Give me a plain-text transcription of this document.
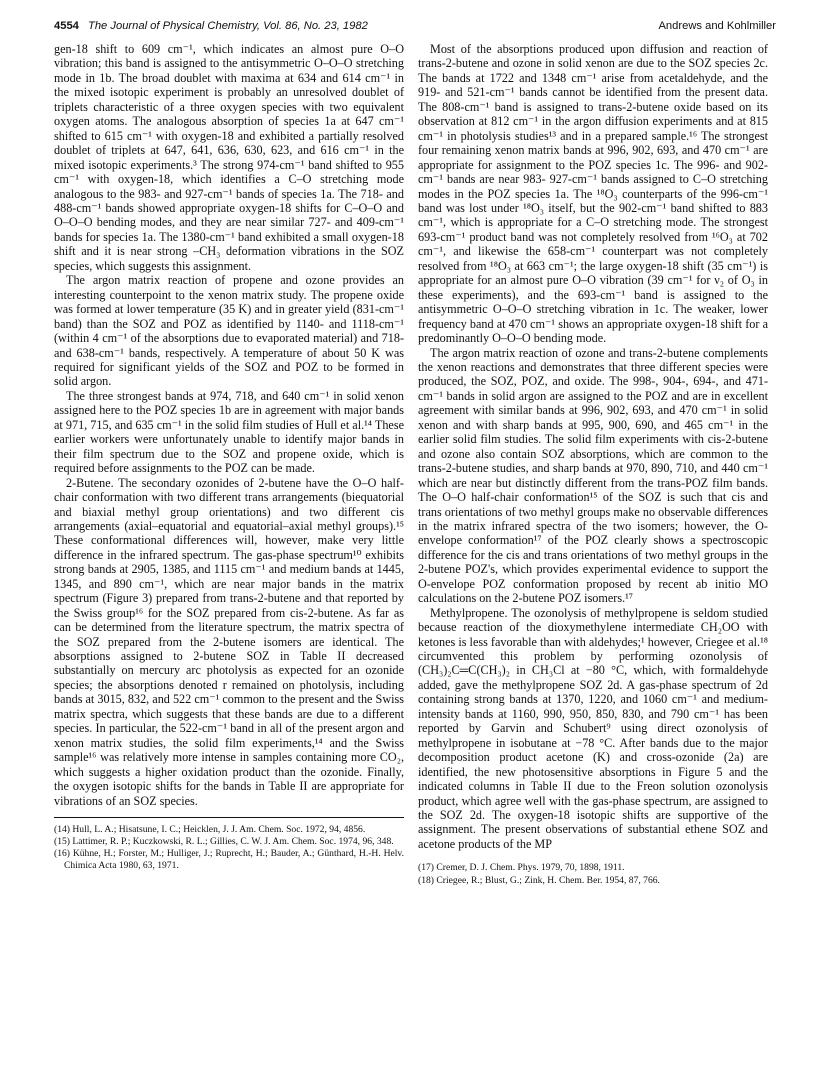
4554 The Journal of Physical Chemistry, Vol. 86, No. 23, 1982	Andrews and Kohlmiller

gen-18 shift to 609 cm⁻¹, which indicates an almost pure O–O vibration; this band is assigned to the antisymmetric O–O–O stretching mode in 1b. The broad doublet with maxima at 634 and 614 cm⁻¹ in the mixed isotopic experiment is probably an unresolved doublet of triplets characteristic of a three oxygen species with two equivalent oxygen atoms. The analogous absorption of species 1a at 647 cm⁻¹ shifted to 615 cm⁻¹ with oxygen-18 and exhibited a partially resolved doublet of triplets at 647, 641, 636, 630, 623, and 616 cm⁻¹ in the mixed isotopic experiments.³ The strong 974-cm⁻¹ band shifted to 955 cm⁻¹ with oxygen-18, which identifies a C–O stretching mode analogous to the 983- and 927-cm⁻¹ bands of species 1a. The 718- and 488-cm⁻¹ bands showed appropriate oxygen-18 shifts for C–O–O and O–O–O bending modes, and they are near similar 727- and 409-cm⁻¹ bands for species 1a. The 1380-cm⁻¹ band exhibited a small oxygen-18 shift and it is near strong –CH₃ deformation vibrations in the SOZ species, which suggests this assignment.

The argon matrix reaction of propene and ozone provides an interesting counterpoint to the xenon matrix study. The propene oxide was formed at lower temperature (35 K) and in greater yield (831-cm⁻¹ band) than the SOZ and POZ as identified by 1140- and 1118-cm⁻¹ (within 4 cm⁻¹ of the absorptions due to evaporated material) and 718- and 638-cm⁻¹ bands, respectively. A temperature of about 50 K was required for significant yields of the SOZ and POZ to be formed in solid argon.

The three strongest bands at 974, 718, and 640 cm⁻¹ in solid xenon assigned here to the POZ species 1b are in agreement with major bands at 971, 715, and 635 cm⁻¹ in the solid film studies of Hull et al.¹⁴ These earlier workers were unfortunately unable to identify major bands in their film spectrum due to the SOZ and propene oxide, which is required before assignments to the POZ can be made.

2-Butene. The secondary ozonides of 2-butene have the O–O half-chair conformation with two different trans arrangements (biequatorial and biaxial methyl group orientations) and two different cis arrangements (axial–equatorial and equatorial–axial methyl groups).¹⁵ These conformational differences will, however, make very little difference in the infrared spectrum. The gas-phase spectrum¹⁰ exhibits strong bands at 2905, 1385, and 1115 cm⁻¹ and medium bands at 1445, 1345, and 890 cm⁻¹, which are near major bands in the matrix spectrum (Figure 3) prepared from trans-2-butene and that reported by the Swiss group¹⁶ for the SOZ prepared from cis-2-butene. As far as can be determined from the literature spectrum, the matrix spectra of the SOZ prepared from the 2-butene isomers are identical. The absorptions assigned to 2-butene SOZ in Table II decreased substantially on mercury arc photolysis as expected for an ozonide species; the absorptions denoted r remained on photolysis, including bands at 3015, 832, and 522 cm⁻¹ common to the present and the Swiss matrix spectra, which suggests that these bands are due to a different species. In particular, the 522-cm⁻¹ band in all of the present argon and xenon matrix studies, the solid film experiments,¹⁴ and the Swiss sample¹⁶ was relatively more intense in samples containing more CO₂, which suggests a higher oxidation product than the ozonide. Finally, the oxygen isotopic shifts for the bands in Table II are appropriate for vibrations of an SOZ species.

(14) Hull, L. A.; Hisatsune, I. C.; Heicklen, J. J. Am. Chem. Soc. 1972, 94, 4856.

(15) Lattimer, R. P.; Kuczkowski, R. L.; Gillies, C. W. J. Am. Chem. Soc. 1974, 96, 348.

(16) Kühne, H.; Forster, M.; Hulliger, J.; Ruprecht, H.; Bauder, A.; Günthard, H.-H. Helv. Chimica Acta 1980, 63, 1971.

Most of the absorptions produced upon diffusion and reaction of trans-2-butene and ozone in solid xenon are due to the SOZ species 2c. The bands at 1722 and 1348 cm⁻¹ arise from acetaldehyde, and the 919- and 521-cm⁻¹ bands cannot be identified from the present data. The 808-cm⁻¹ band is assigned to trans-2-butene oxide based on its observation at 812 cm⁻¹ in the argon diffusion experiments and at 815 cm⁻¹ in photolysis studies¹³ and in a prepared sample.¹⁶ The strongest four remaining xenon matrix bands at 996, 902, 693, and 470 cm⁻¹ are appropriate for assignment to the POZ species 1c. The 996- and 902-cm⁻¹ bands are near 983- 927-cm⁻¹ bands assigned to C–O stretching modes in the POZ species 1a. The ¹⁸O₃ counterparts of the 996-cm⁻¹ band was lost under ¹⁸O₃ itself, but the 902-cm⁻¹ band shifted to 883 cm⁻¹, which is appropriate for a C–O stretching mode. The strongest 693-cm⁻¹ product band was not completely resolved from ¹⁶O₃ at 702 cm⁻¹, and likewise the 658-cm⁻¹ counterpart was not completely resolved from ¹⁸O₃ at 663 cm⁻¹; the large oxygen-18 shift (35 cm⁻¹) is appropriate for an almost pure O–O vibration (39 cm⁻¹ for ν₂ of O₃ in these experiments), and the 693-cm⁻¹ band is assigned to the antisymmetric O–O–O stretching vibration in 1c. The weaker, lower frequency band at 470 cm⁻¹ shows an appropriate oxygen-18 shift for a predominantly O–O–O bending mode.

The argon matrix reaction of ozone and trans-2-butene complements the xenon reactions and demonstrates that three different species were produced, the SOZ, POZ, and oxide. The 998-, 904-, 694-, and 471-cm⁻¹ bands in solid argon are assigned to the POZ and are in excellent agreement with similar bands at 996, 902, 693, and 470 cm⁻¹ in solid xenon and with sharp bands at 995, 900, 690, and 465 cm⁻¹ in the earlier solid film studies. The solid film experiments with cis-2-butene and ozone also contain SOZ absorptions, which are common to the trans-2-butene studies, and sharp bands at 970, 890, 710, and 440 cm⁻¹ which are near but distinctly different from the trans-POZ film bands. The O–O half-chair conformation¹⁵ of the SOZ is such that cis and trans orientations of two methyl groups make no observable differences in the matrix infrared spectra of the two isomers; however, the O-envelope conformation¹⁷ of the POZ clearly shows a spectroscopic difference for the cis and trans orientations of two methyl groups in the 2-butene POZ's, which provides experimental evidence to support the O-envelope POZ conformation proposed by recent ab initio MO calculations on the 2-butene POZ isomers.¹⁷

Methylpropene. The ozonolysis of methylpropene is seldom studied because reaction of the dioxymethylene intermediate CH₂OO with ketones is less favorable than with aldehydes;¹ however, Criegee et al.¹⁸ circumvented this problem by performing ozonolysis of (CH₃)₂C═C(CH₃)₂ in CH₃Cl at −80 °C, which, with formaldehyde added, gave the methylpropene SOZ 2d. A gas-phase spectrum of 2d containing strong bands at 1370, 1220, and 1060 cm⁻¹ and medium-intensity bands at 1160, 990, 950, 850, 830, and 790 cm⁻¹ has been reported by Garvin and Schubert⁹ using direct ozonolysis of methylpropene in isobutane at −78 °C. After bands due to the major decomposition product acetone (K) and cross-ozonide (2a) are identified, the new photosensitive absorptions in Figure 5 and the indicated columns in Table II due to the Freon solution ozonolysis product, which agree well with the gas-phase spectrum, are assigned to the SOZ 2d. The oxygen-18 isotopic shifts are supportive of the assignment. The present observations of substantial ethene SOZ and acetone products of the MP

(17) Cremer, D. J. Chem. Phys. 1979, 70, 1898, 1911.

(18) Criegee, R.; Blust, G.; Zink, H. Chem. Ber. 1954, 87, 766.
